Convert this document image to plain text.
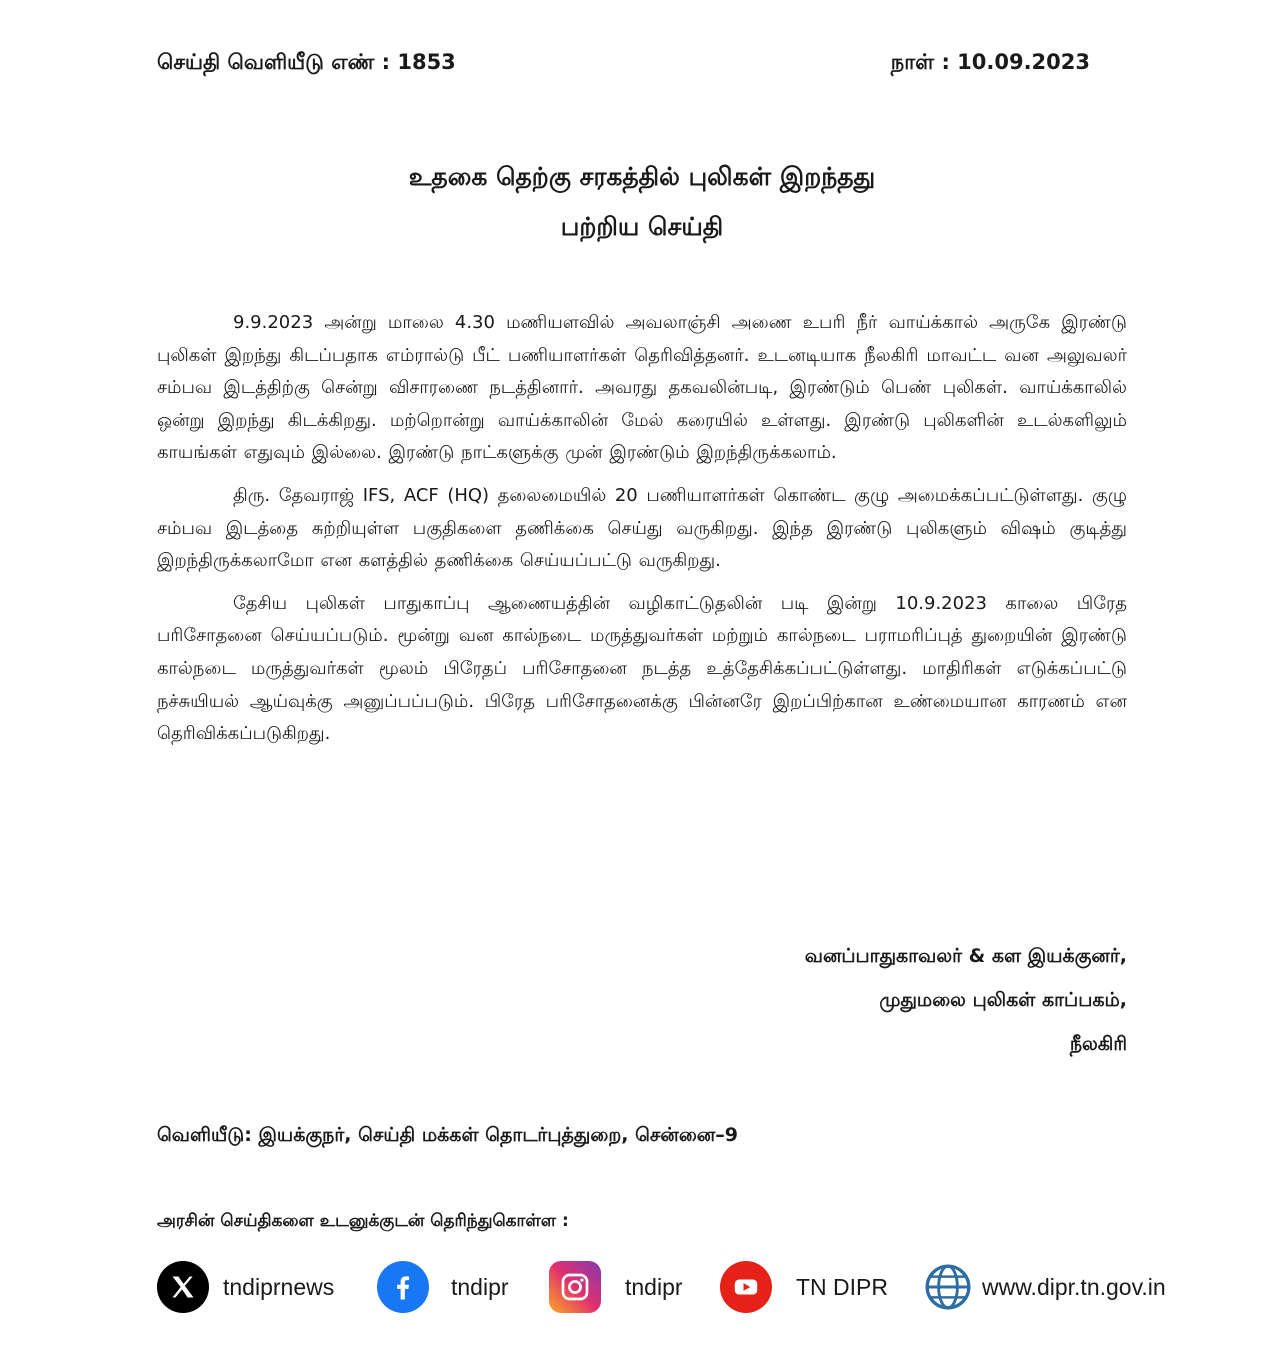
செய்தி வெளியீடு எண் : 1853	நாள் : 10.09.2023
உதகை தெற்கு சரகத்தில் புலிகள் இறந்தது
பற்றிய செய்தி

9.9.2023 அன்று மாலை 4.30 மணியளவில் அவலாஞ்சி அணை உபரி நீர் வாய்க்கால் அருகே இரண்டு புலிகள் இறந்து கிடப்பதாக எம்ரால்டு பீட் பணியாளர்கள் தெரிவித்தனர். உடனடியாக நீலகிரி மாவட்ட வன அலுவலர் சம்பவ இடத்திற்கு சென்று விசாரணை நடத்தினார். அவரது தகவலின்படி, இரண்டும் பெண் புலிகள். வாய்க்காலில் ஒன்று இறந்து கிடக்கிறது. மற்றொன்று வாய்க்காலின் மேல் கரையில் உள்ளது. இரண்டு புலிகளின் உடல்களிலும் காயங்கள் எதுவும் இல்லை. இரண்டு நாட்களுக்கு முன் இரண்டும் இறந்திருக்கலாம்.

திரு. தேவராஜ் IFS, ACF (HQ) தலைமையில் 20 பணியாளர்கள் கொண்ட குழு அமைக்கப்பட்டுள்ளது. குழு சம்பவ இடத்தை சுற்றியுள்ள பகுதிகளை தணிக்கை செய்து வருகிறது. இந்த இரண்டு புலிகளும் விஷம் குடித்து இறந்திருக்கலாமோ என களத்தில் தணிக்கை செய்யப்பட்டு வருகிறது.

தேசிய புலிகள் பாதுகாப்பு ஆணையத்தின் வழிகாட்டுதலின் படி இன்று 10.9.2023 காலை பிரேத பரிசோதனை செய்யப்படும். மூன்று வன கால்நடை மருத்துவர்கள் மற்றும் கால்நடை பராமரிப்புத் துறையின் இரண்டு கால்நடை மருத்துவர்கள் மூலம் பிரேதப் பரிசோதனை நடத்த உத்தேசிக்கப்பட்டுள்ளது. மாதிரிகள் எடுக்கப்பட்டு நச்சுயியல் ஆய்வுக்கு அனுப்பப்படும். பிரேத பரிசோதனைக்கு பின்னரே இறப்பிற்கான உண்மையான காரணம் என தெரிவிக்கப்படுகிறது.

வனப்பாதுகாவலர் & கள இயக்குனர்,
முதுமலை புலிகள் காப்பகம்,
நீலகிரி
வெளியீடு: இயக்குநர், செய்தி மக்கள் தொடர்புத்துறை, சென்னை–9
அரசின் செய்திகளை உடனுக்குடன் தெரிந்துகொள்ள :
tndiprnews	tndipr	tndipr	TN DIPR	www.dipr.tn.gov.in
